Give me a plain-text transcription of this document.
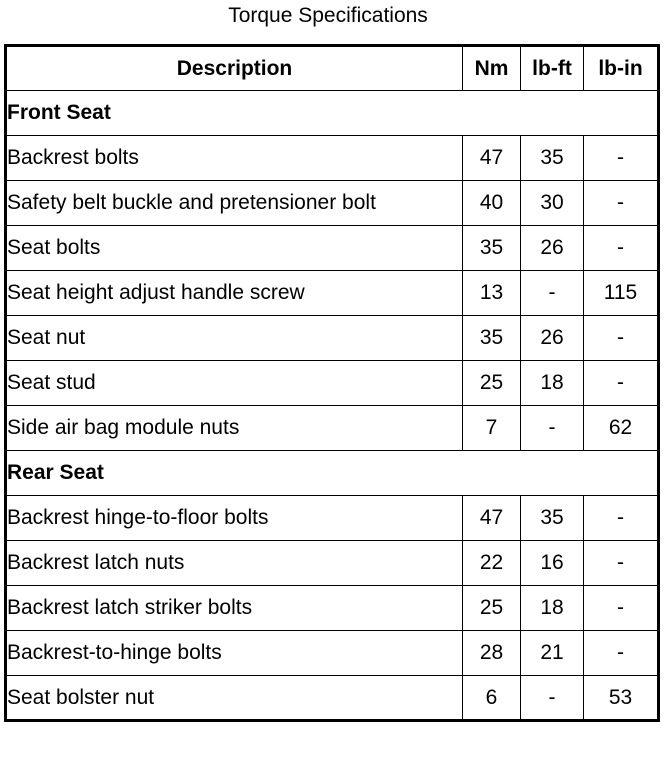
Torque Specifications
Description	Nm	lb-ft	lb-in
Front Seat			
Backrest bolts	47	35	-
Safety belt buckle and pretensioner bolt	40	30	-
Seat bolts	35	26	-
Seat height adjust handle screw	13	-	115
Seat nut	35	26	-
Seat stud	25	18	-
Side air bag module nuts	7	-	62
Rear Seat			
Backrest hinge-to-floor bolts	47	35	-
Backrest latch nuts	22	16	-
Backrest latch striker bolts	25	18	-
Backrest-to-hinge bolts	28	21	-
Seat bolster nut	6	-	53
